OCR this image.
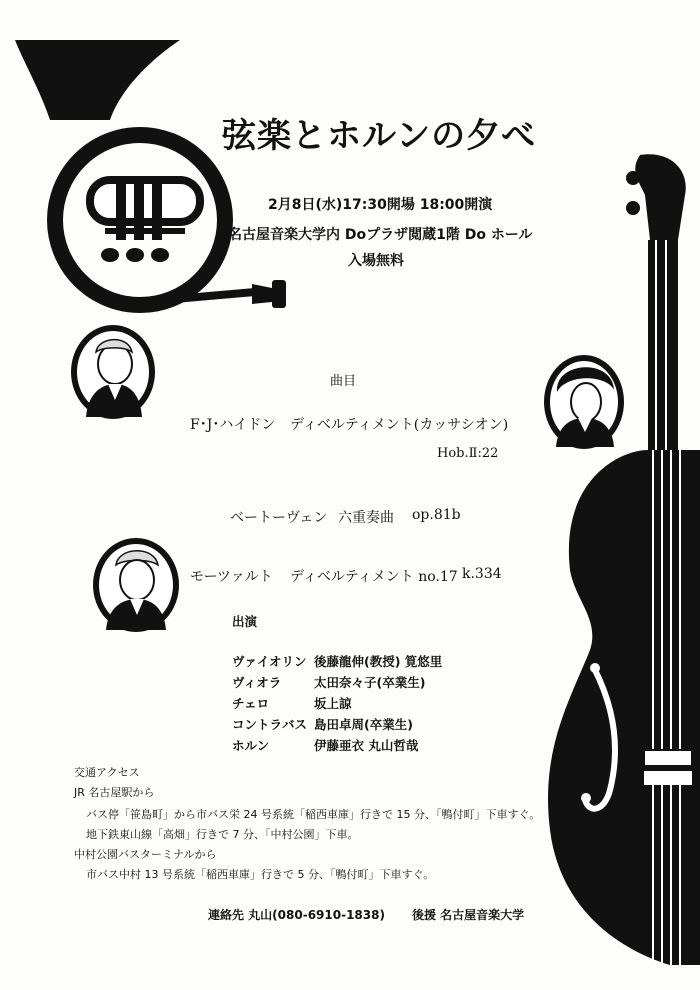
弦楽とホルンの夕べ
2月8日(水)17:30開場 18:00開演
名古屋音楽大学内 Doプラザ閲蔵1階 Do ホール
入場無料
曲目
F･J･ハイドン ディベルティメント(カッサシオン)
Hob.Ⅱ:22
ベートーヴェン 六重奏曲 op.81b
モーツァルト ディベルティメント no.17 k.334
出演
ヴァイオリン 後藤龍伸(教授) 筧悠里
ヴィオラ	太田奈々子(卒業生)
チェロ	坂上諒
コントラバス 島田卓周(卒業生)
ホルン	伊藤亜衣 丸山哲哉
交通アクセス
JR 名古屋駅から
バス停「笹島町」から市バス栄 24 号系統「稲西車庫」行きで 15 分、「鴨付町」下車すぐ。
地下鉄東山線「高畑」行きで 7 分、「中村公園」下車。
中村公園バスターミナルから
市バス中村 13 号系統「稲西車庫」行きで 5 分、「鴨付町」下車すぐ。
連絡先 丸山(080-6910-1838) 後援 名古屋音楽大学
